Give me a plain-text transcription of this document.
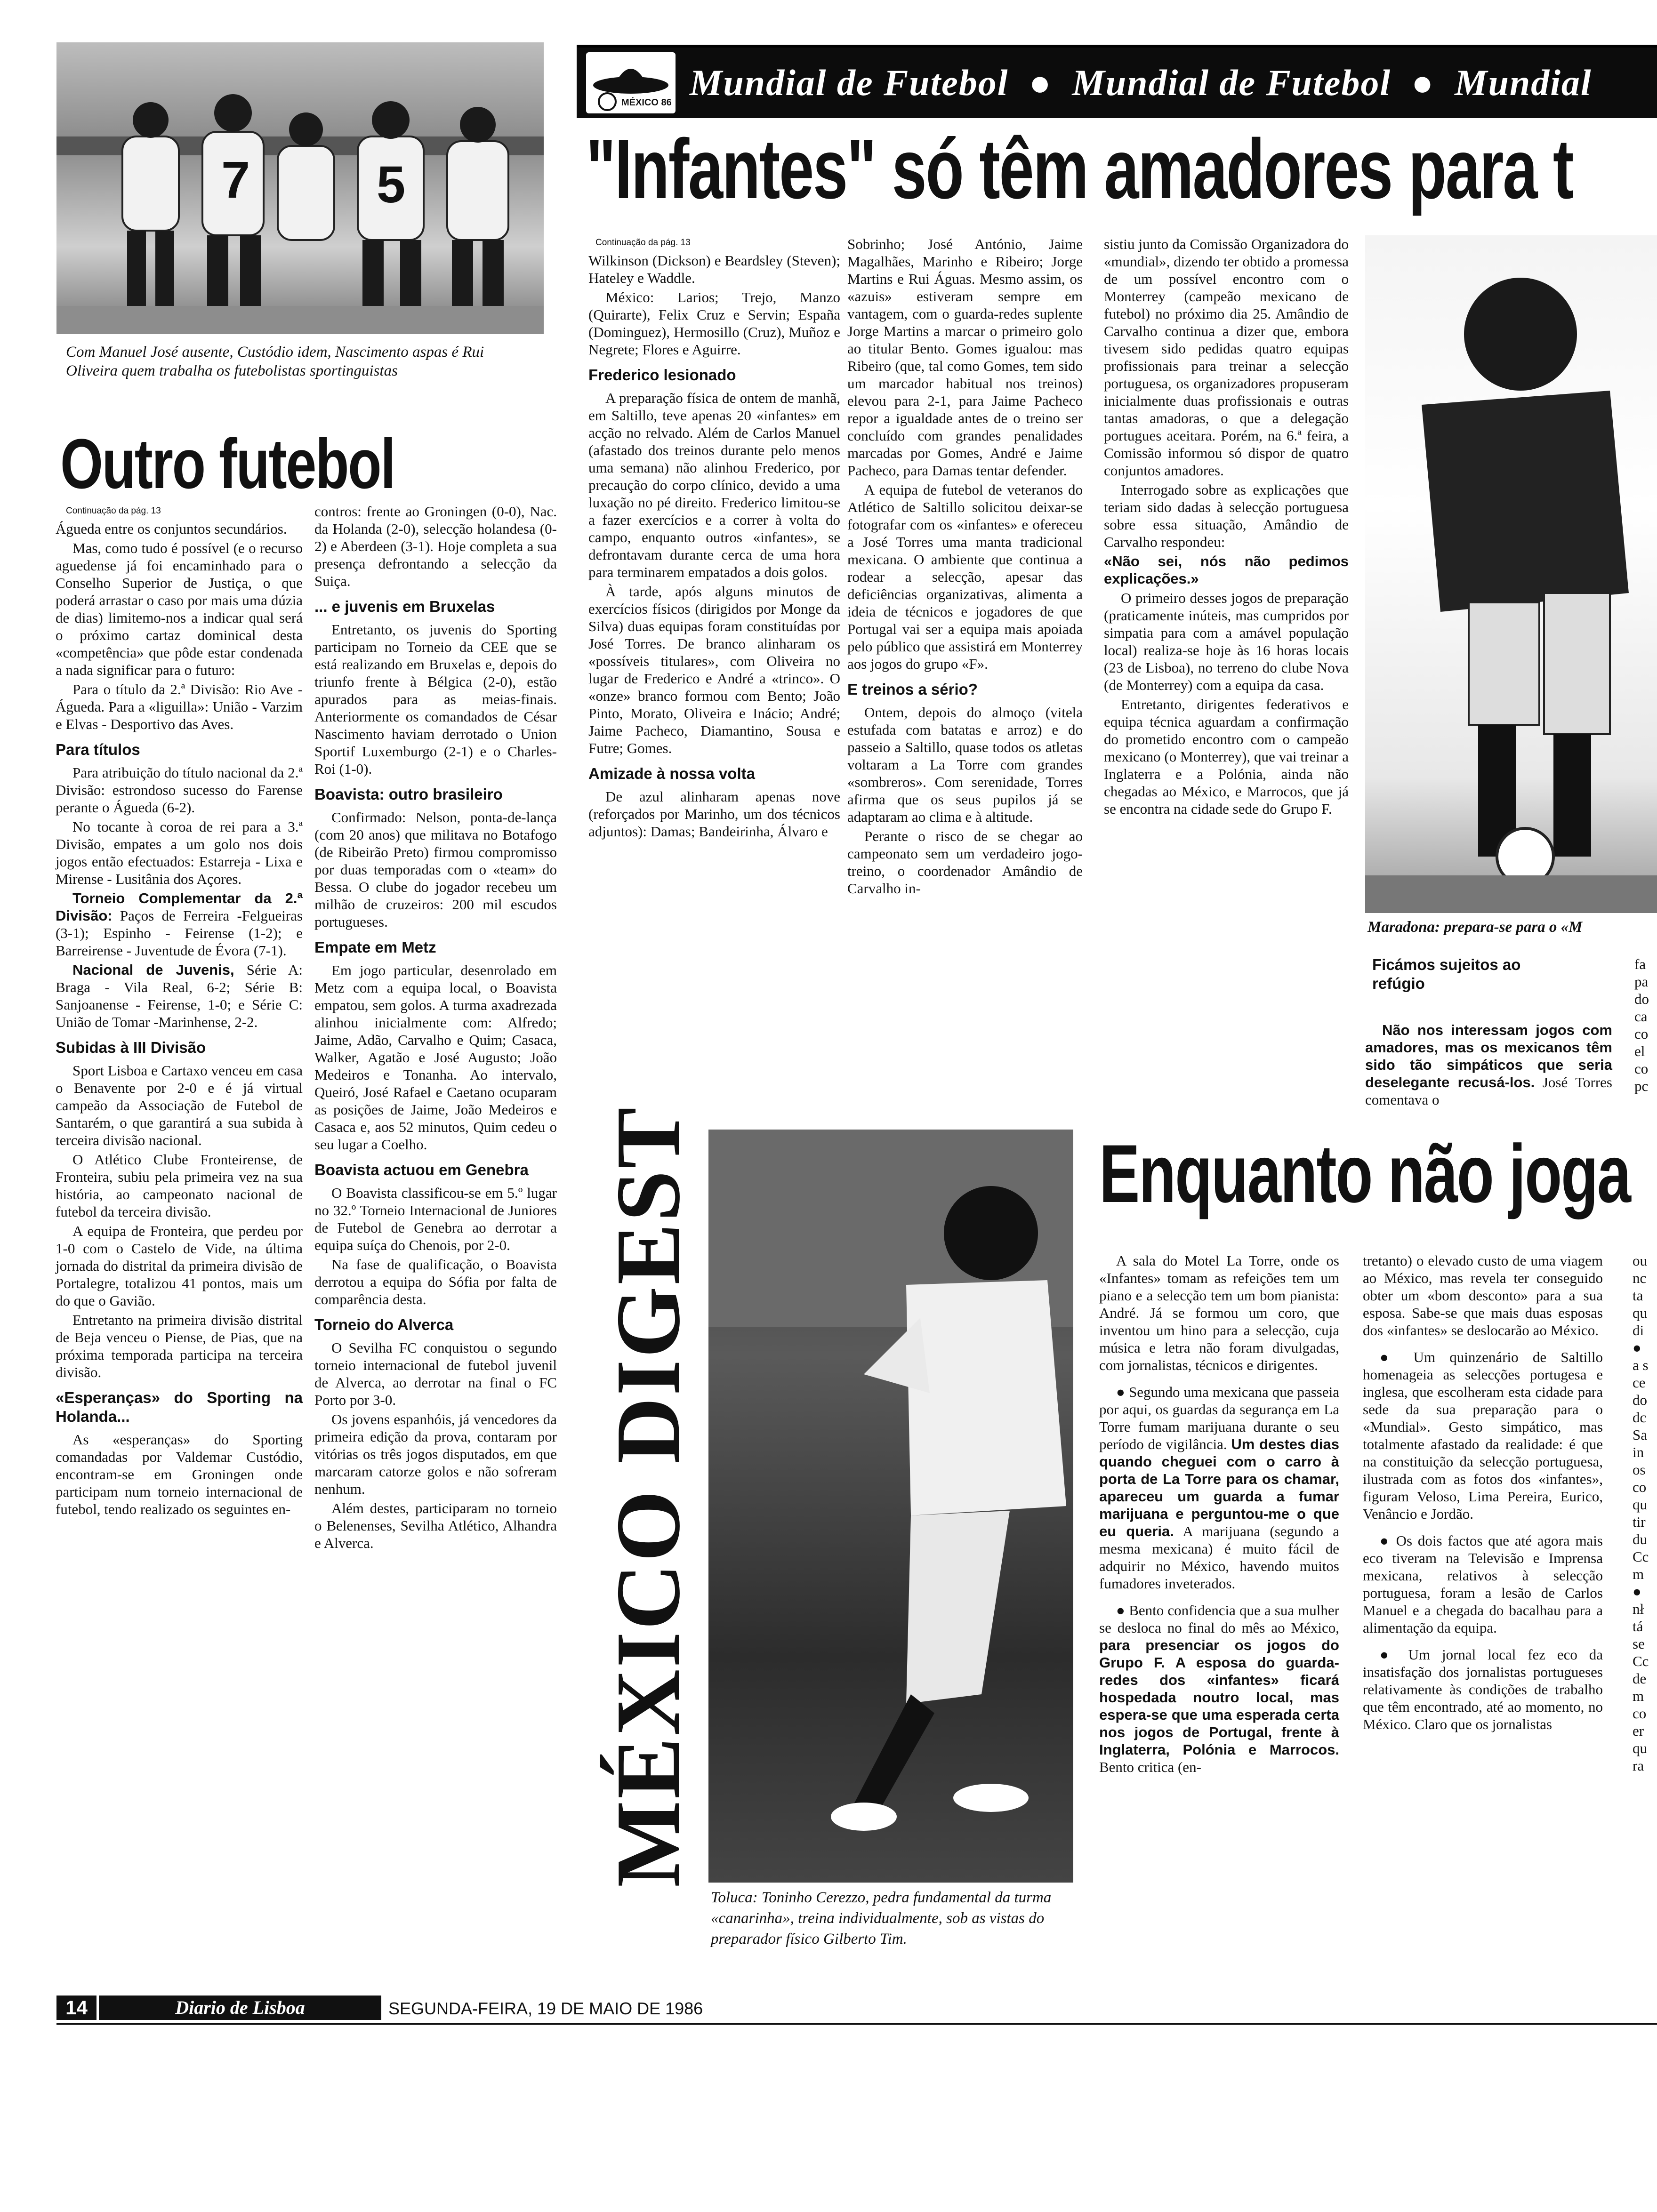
7 5
Com Manuel José ausente, Custódio idem, Nascimento aspas é Rui Oliveira quem trabalha os futebolistas sportinguistas
Outro futebol
Continuação da pág. 13

Águeda entre os conjuntos secundários.

Mas, como tudo é possível (e o recurso aguedense já foi encaminhado para o Conselho Superior de Justiça, o que poderá arrastar o caso por mais uma dúzia de dias) limitemo-nos a indicar qual será o próximo cartaz dominical desta «competência» que pôde estar condenada a nada significar para o futuro:

Para o título da 2.ª Divisão: Rio Ave - Águeda. Para a «liguilla»: União - Varzim e Elvas - Desportivo das Aves.

Para títulos

Para atribuição do título nacional da 2.ª Divisão: estrondoso sucesso do Farense perante o Águeda (6-2).

No tocante à coroa de rei para a 3.ª Divisão, empates a um golo nos dois jogos então efectuados: Estarreja - Lixa e Mirense - Lusitânia dos Açores.

Torneio Complementar da 2.ª Divisão: Paços de Ferreira -Felgueiras (3-1); Espinho - Feirense (1-2); e Barreirense - Juventude de Évora (7-1).

Nacional de Juvenis, Série A: Braga - Vila Real, 6-2; Série B: Sanjoanense - Feirense, 1-0; e Série C: União de Tomar -Marinhense, 2-2.

Subidas à III Divisão

Sport Lisboa e Cartaxo venceu em casa o Benavente por 2-0 e é já virtual campeão da Associação de Futebol de Santarém, o que garantirá a sua subida à terceira divisão nacional.

O Atlético Clube Fronteirense, de Fronteira, subiu pela primeira vez na sua história, ao campeonato nacional de futebol da terceira divisão.

A equipa de Fronteira, que perdeu por 1-0 com o Castelo de Vide, na última jornada do distrital da primeira divisão de Portalegre, totalizou 41 pontos, mais um do que o Gavião.

Entretanto na primeira divisão distrital de Beja venceu o Piense, de Pias, que na próxima temporada participa na terceira divisão.

«Esperanças» do Sporting na Holanda...

As «esperanças» do Sporting comandadas por Valdemar Custódio, encontram-se em Groningen onde participam num torneio internacional de futebol, tendo realizado os seguintes en-

contros: frente ao Groningen (0-0), Nac. da Holanda (2-0), selecção holandesa (0-2) e Aberdeen (3-1). Hoje completa a sua presença defrontando a selecção da Suiça.

... e juvenis em Bruxelas

Entretanto, os juvenis do Sporting participam no Torneio da CEE que se está realizando em Bruxelas e, depois do triunfo frente à Bélgica (2-0), estão apurados para as meias-finais. Anteriormente os comandados de César Nascimento haviam derrotado o Union Sportif Luxemburgo (2-1) e o Charles-Roi (1-0).

Boavista: outro brasileiro

Confirmado: Nelson, ponta-de-lança (com 20 anos) que militava no Botafogo (de Ribeirão Preto) firmou compromisso por duas temporadas com o «team» do Bessa. O clube do jogador recebeu um milhão de cruzeiros: 200 mil escudos portugueses.

Empate em Metz

Em jogo particular, desenrolado em Metz com a equipa local, o Boavista empatou, sem golos. A turma axadrezada alinhou inicialmente com: Alfredo; Jaime, Adão, Carvalho e Quim; Casaca, Walker, Agatão e José Augusto; João Medeiros e Tonanha. Ao intervalo, Queiró, José Rafael e Caetano ocuparam as posições de Jaime, João Medeiros e Casaca e, aos 52 minutos, Quim cedeu o seu lugar a Coelho.

Boavista actuou em Genebra

O Boavista classificou-se em 5.º lugar no 32.º Torneio Internacional de Juniores de Futebol de Genebra ao derrotar a equipa suíça do Chenois, por 2-0.

Na fase de qualificação, o Boavista derrotou a equipa do Sófia por falta de comparência desta.

Torneio do Alverca

O Sevilha FC conquistou o segundo torneio internacional de futebol juvenil de Alverca, ao derrotar na final o FC Porto por 3-0.

Os jovens espanhóis, já vencedores da primeira edição da prova, contaram por vitórias os três jogos disputados, em que marcaram catorze golos e não sofreram nenhum.

Além destes, participaram no torneio o Belenenses, Sevilha Atlético, Alhandra e Alverca.

MÉXICO 86 Mundial de Futebol  ●  Mundial de Futebol  ●  Mundial
"Infantes" só têm amadores para t
Continuação da pág. 13

Wilkinson (Dickson) e Beardsley (Steven); Hateley e Waddle.

México: Larios; Trejo, Manzo (Quirarte), Felix Cruz e Servin; España (Dominguez), Hermosillo (Cruz), Muñoz e Negrete; Flores e Aguirre.

Frederico lesionado

A preparação física de ontem de manhã, em Saltillo, teve apenas 20 «infantes» em acção no relvado. Além de Carlos Manuel (afastado dos treinos durante pelo menos uma semana) não alinhou Frederico, por precaução do corpo clínico, devido a uma luxação no pé direito. Frederico limitou-se a fazer exercícios e a correr à volta do campo, enquanto outros «infantes», se defrontavam durante cerca de uma hora para terminarem empatados a dois golos.

À tarde, após alguns minutos de exercícios físicos (dirigidos por Monge da Silva) duas equipas foram constituídas por José Torres. De branco alinharam os «possíveis titulares», com Oliveira no lugar de Frederico e André a «trinco». O «onze» branco formou com Bento; João Pinto, Morato, Oliveira e Inácio; André; Jaime Pacheco, Diamantino, Sousa e Futre; Gomes.

Amizade à nossa volta

De azul alinharam apenas nove (reforçados por Marinho, um dos técnicos adjuntos): Damas; Bandeirinha, Álvaro e

Sobrinho; José António, Jaime Magalhães, Marinho e Ribeiro; Jorge Martins e Rui Águas. Mesmo assim, os «azuis» estiveram sempre em vantagem, com o guarda-redes suplente Jorge Martins a marcar o primeiro golo ao titular Bento. Gomes igualou: mas Ribeiro (que, tal como Gomes, tem sido um marcador habitual nos treinos) elevou para 2-1, para Jaime Pacheco repor a igualdade antes de o treino ser concluído com grandes penalidades marcadas por Gomes, André e Jaime Pacheco, para Damas tentar defender.

A equipa de futebol de veteranos do Atlético de Saltillo solicitou deixar-se fotografar com os «infantes» e ofereceu a José Torres uma manta tradicional mexicana. O ambiente que continua a rodear a selecção, apesar das deficiências organizativas, alimenta a ideia de técnicos e jogadores de que Portugal vai ser a equipa mais apoiada pelo público que assistirá em Monterrey aos jogos do grupo «F».

E treinos a sério?

Ontem, depois do almoço (vitela estufada com batatas e arroz) e do passeio a Saltillo, quase todos os atletas voltaram a La Torre com grandes «sombreros». Com serenidade, Torres afirma que os seus pupilos já se adaptaram ao clima e à altitude.

Perante o risco de se chegar ao campeonato sem um verdadeiro jogo-treino, o coordenador Amândio de Carvalho in-

sistiu junto da Comissão Organizadora do «mundial», dizendo ter obtido a promessa de um possível encontro com o Monterrey (campeão mexicano de futebol) no próximo dia 25. Amândio de Carvalho continua a dizer que, embora tivesem sido pedidas quatro equipas profissionais para treinar a selecção portuguesa, os organizadores propuseram inicialmente duas profissionais e outras tantas amadoras, o que a delegação portugues aceitara. Porém, na 6.ª feira, a Comissão informou só dispor de quatro conjuntos amadores.

Interrogado sobre as explicações que teriam sido dadas à selecção portuguesa sobre essa situação, Amândio de Carvalho respondeu:

«Não sei, nós não pedimos explicações.»

O primeiro desses jogos de preparação (praticamente inúteis, mas cumpridos por simpatia para com a amável população local) realiza-se hoje às 16 horas locais (23 de Lisboa), no terreno do clube Nova (de Monterrey) com a equipa da casa.

Entretanto, dirigentes federativos e equipa técnica aguardam a confirmação do prometido encontro com o campeão mexicano (o Monterrey), que vai treinar a Inglaterra e a Polónia, ainda não chegadas ao México, e Marrocos, que já se encontra na cidade sede do Grupo F.

Maradona: prepara-se para o «M
Ficámos sujeitos ao refúgio

Não nos interessam jogos com amadores, mas os mexicanos têm sido tão simpáticos que seria deselegante recusá-los. José Torres comentava o

fa
pa
do
ca
co
el
co
pc
MÉXICO DIGEST
Toluca: Toninho Cerezzo, pedra fundamental da turma «canarinha», treina individualmente, sob as vistas do preparador físico Gilberto Tim.
Enquanto não joga

A sala do Motel La Torre, onde os «Infantes» tomam as refeições tem um piano e a selecção tem um bom pianista: André. Já se formou um coro, que inventou um hino para a selecção, cuja música e letra não foram divulgadas, com jornalistas, técnicos e dirigentes.

● Segundo uma mexicana que passeia por aqui, os guardas da segurança em La Torre fumam marijuana durante o seu período de vigilância. Um destes dias quando cheguei com o carro à porta de La Torre para os chamar, apareceu um guarda a fumar marijuana e perguntou-me o que eu queria. A marijuana (segundo a mesma mexicana) é muito fácil de adquirir no México, havendo muitos fumadores inveterados.

● Bento confidencia que a sua mulher se desloca no final do mês ao México, para presenciar os jogos do Grupo F. A esposa do guarda-redes dos «infantes» ficará hospedada noutro local, mas espera-se que uma esperada certa nos jogos de Portugal, frente à Inglaterra, Polónia e Marrocos. Bento critica (en-

tretanto) o elevado custo de uma viagem ao México, mas revela ter conseguido obter um «bom desconto» para a sua esposa. Sabe-se que mais duas esposas dos «infantes» se deslocarão ao México.

● Um quinzenário de Saltillo homenageia as selecções portugesa e inglesa, que escolheram esta cidade para sede da sua preparação para o «Mundial». Gesto simpático, mas totalmente afastado da realidade: é que na constituição da selecção portuguesa, ilustrada com as fotos dos «infantes», figuram Veloso, Lima Pereira, Eurico, Venâncio e Jordão.

● Os dois factos que até agora mais eco tiveram na Televisão e Imprensa mexicana, relativos à selecção portuguesa, foram a lesão de Carlos Manuel e a chegada do bacalhau para a alimentação da equipa.

● Um jornal local fez eco da insatisfação dos jornalistas portugueses relativamente às condições de trabalho que têm encontrado, até ao momento, no México. Claro que os jornalistas

ou
nc
ta
qu
di
●
a s
ce
do
dc
Sa
in
os
co
qu
tir
du
Cc
m
●
nł
tá
se
Cc
de
m
co
er
qu
ra
14	Diario de Lisboa	SEGUNDA-FEIRA, 19 DE MAIO DE 1986
